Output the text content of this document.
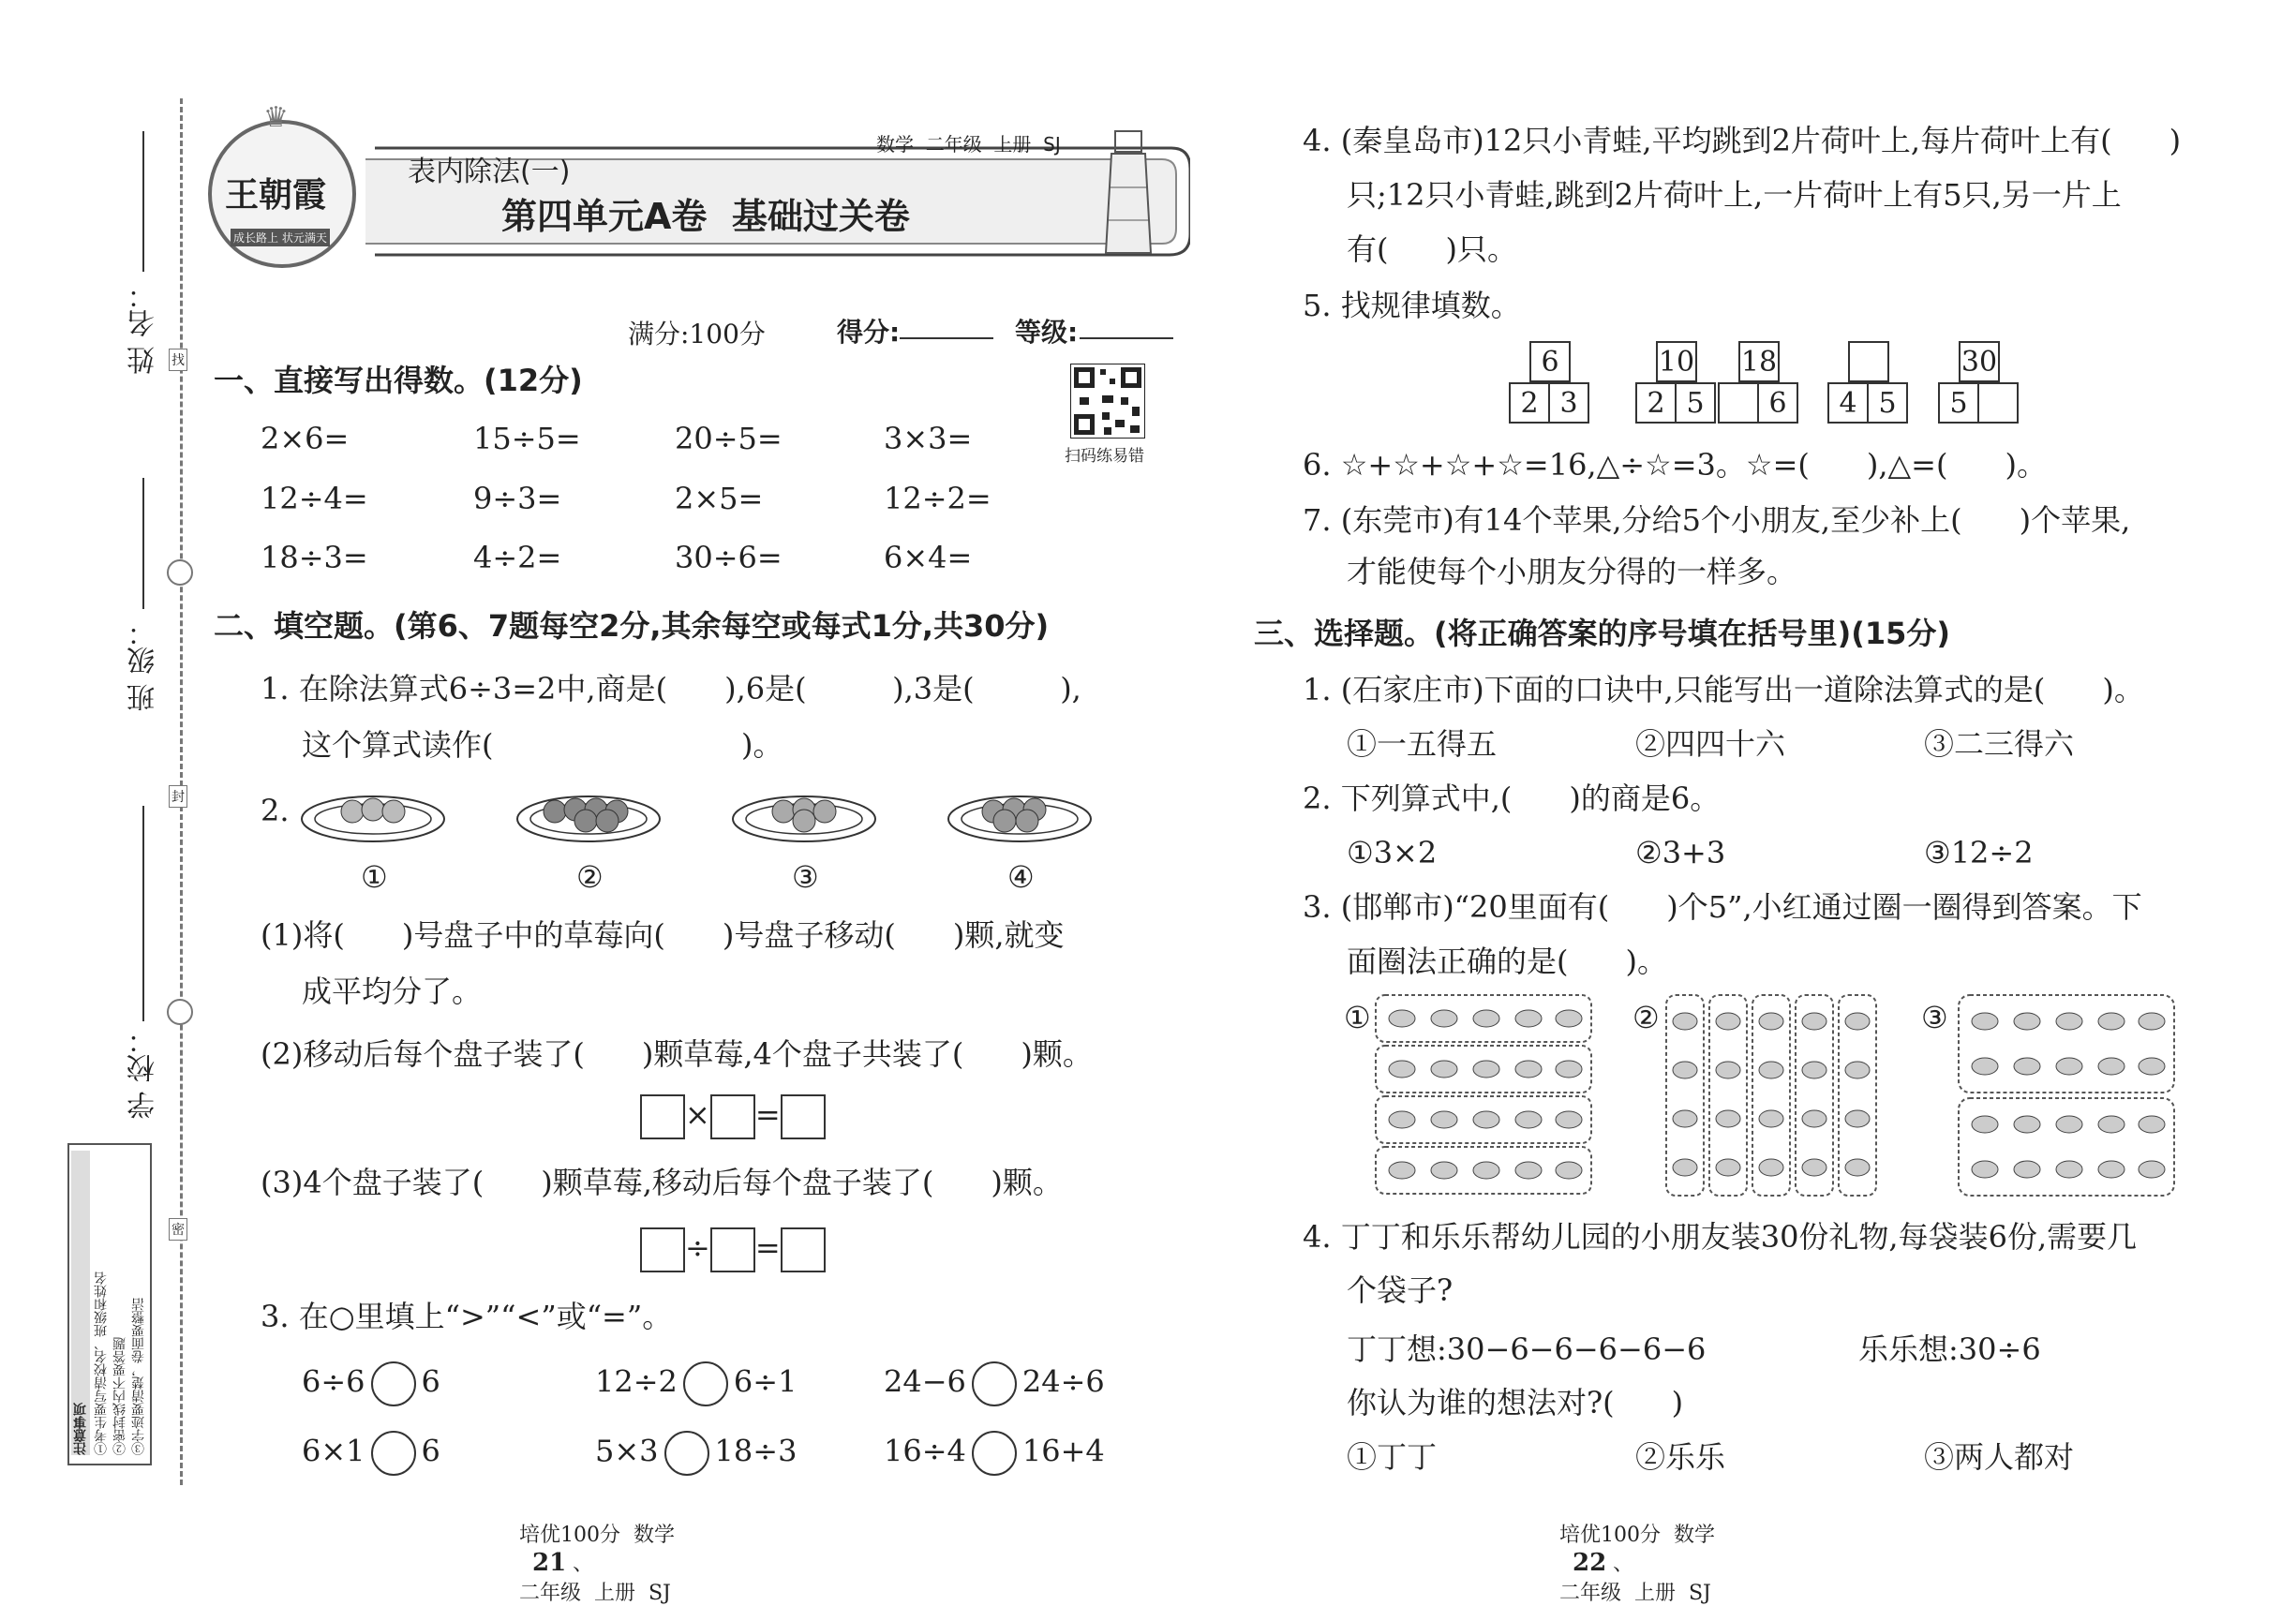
姓 名：
班 级：
学 校：
找
封
密
注意事项 ①考生要写清校名、班级和姓名 ②密封线内不要答题 ③字迹要清楚，卷面要整洁
♛
王朝霞
成长路上 状元满天
表内除法(一)
数学  二年级  上册  SJ
第四单元A卷  基础过关卷
满分:100分	得分:	等级:
扫码练易错
一、直接写出得数。(12分)
2×6=	15÷5=	20÷5=	3×3=
12÷4=	9÷3=	2×5=	12÷2=
18÷3=	4÷2=	30÷6=	6×4=
二、填空题。(第6、7题每空2分,其余每空或每式1分,共30分)
1. 在除法算式6÷3=2中,商是(      ),6是(         ),3是(         ),
这个算式读作(                          )。
2.
①	②	③	④
(1)将(      )号盘子中的草莓向(      )号盘子移动(      )颗,就变
成平均分了。
(2)移动后每个盘子装了(      )颗草莓,4个盘子共装了(      )颗。
× =
(3)4个盘子装了(      )颗草莓,移动后每个盘子装了(      )颗。
÷ =
3. 在○里填上“>”“<”或“=”。
6÷6 6	12÷2 6÷1	24−6 24÷6
6×1 6	5×3 18÷3	16÷4 16+4

培优100分  数学
21 、
二年级  上册  SJ

4. (秦皇岛市)12只小青蛙,平均跳到2片荷叶上,每片荷叶上有(      )
只;12只小青蛙,跳到2片荷叶上,一片荷叶上有5只,另一片上
有(      )只。
5. 找规律填数。
6
2	3
10
2	5
18
	6 4	5
30
5	
6. ☆+☆+☆+☆=16,△÷☆=3。☆=(      ),△=(      )。
7. (东莞市)有14个苹果,分给5个小朋友,至少补上(      )个苹果,
才能使每个小朋友分得的一样多。
三、选择题。(将正确答案的序号填在括号里)(15分)
1. (石家庄市)下面的口诀中,只能写出一道除法算式的是(      )。
①一五得五	②四四十六	③二三得六
2. 下列算式中,(      )的商是6。
①3×2	②3+3	③12÷2
3. (邯郸市)“20里面有(      )个5”,小红通过圈一圈得到答案。下
面圈法正确的是(      )。
①	②	③
4. 丁丁和乐乐帮幼儿园的小朋友装30份礼物,每袋装6份,需要几
个袋子?
丁丁想:30−6−6−6−6−6	乐乐想:30÷6
你认为谁的想法对?(      )
①丁丁	②乐乐	③两人都对

培优100分  数学
22 、
二年级  上册  SJ
